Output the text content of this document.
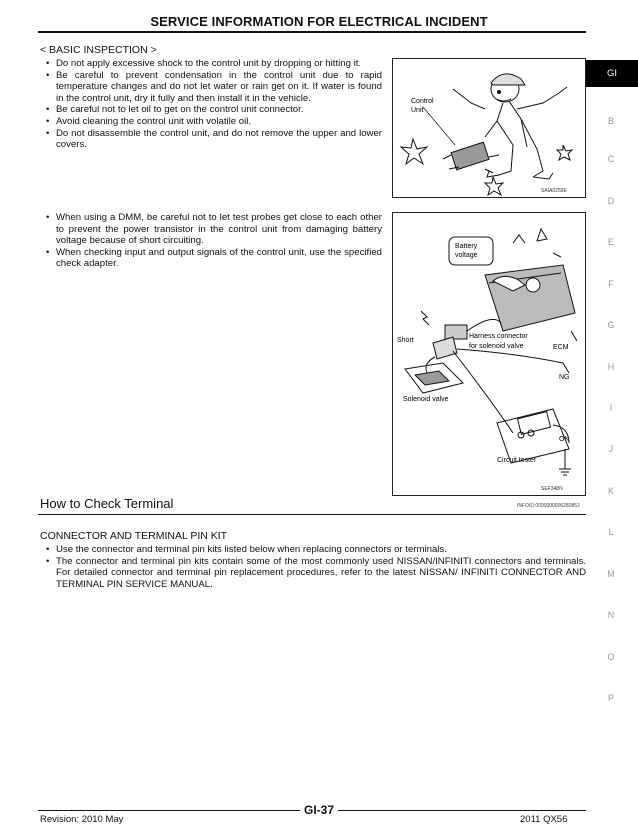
SERVICE INFORMATION FOR ELECTRICAL INCIDENT
< BASIC INSPECTION >
• Do not apply excessive shock to the control unit by dropping or hitting it.
• Be careful to prevent condensation in the control unit due to rapid temperature changes and do not let water or rain get on it. If water is found in the control unit, dry it fully and then install it in the vehicle.
• Be careful not to let oil to get on the control unit connector.
• Avoid cleaning the control unit with volatile oil.
• Do not disassemble the control unit, and do not remove the upper and lower covers.
Control
Unit
SAIA0255E
• When using a DMM, be careful not to let test probes get close to each other to prevent the power transistor in the control unit from damaging battery voltage because of short circuiting.
• When checking input and output signals of the control unit, use the specified check adapter.
Battery
voltage
Short
Harness connector
for solenoid valve	ECM
NG
Solenoid valve
OK
Circuit tester
SEF348N
How to Check Terminal	INFOID:0000000006280853
CONNECTOR AND TERMINAL PIN KIT
• Use the connector and terminal pin kits listed below when replacing connectors or terminals.
• The connector and terminal pin kits contain some of the most commonly used NISSAN/INFINITI connectors and terminals. For detailed connector and terminal pin replacement procedures, refer to the latest NISSAN/ INFINITI CONNECTOR AND TERMINAL PIN SERVICE MANUAL.
GI
B
C
D
E
F
G
H
I
J
K
L
M
N
O
P
GI-37
Revision: 2010 May	2011 QX56
